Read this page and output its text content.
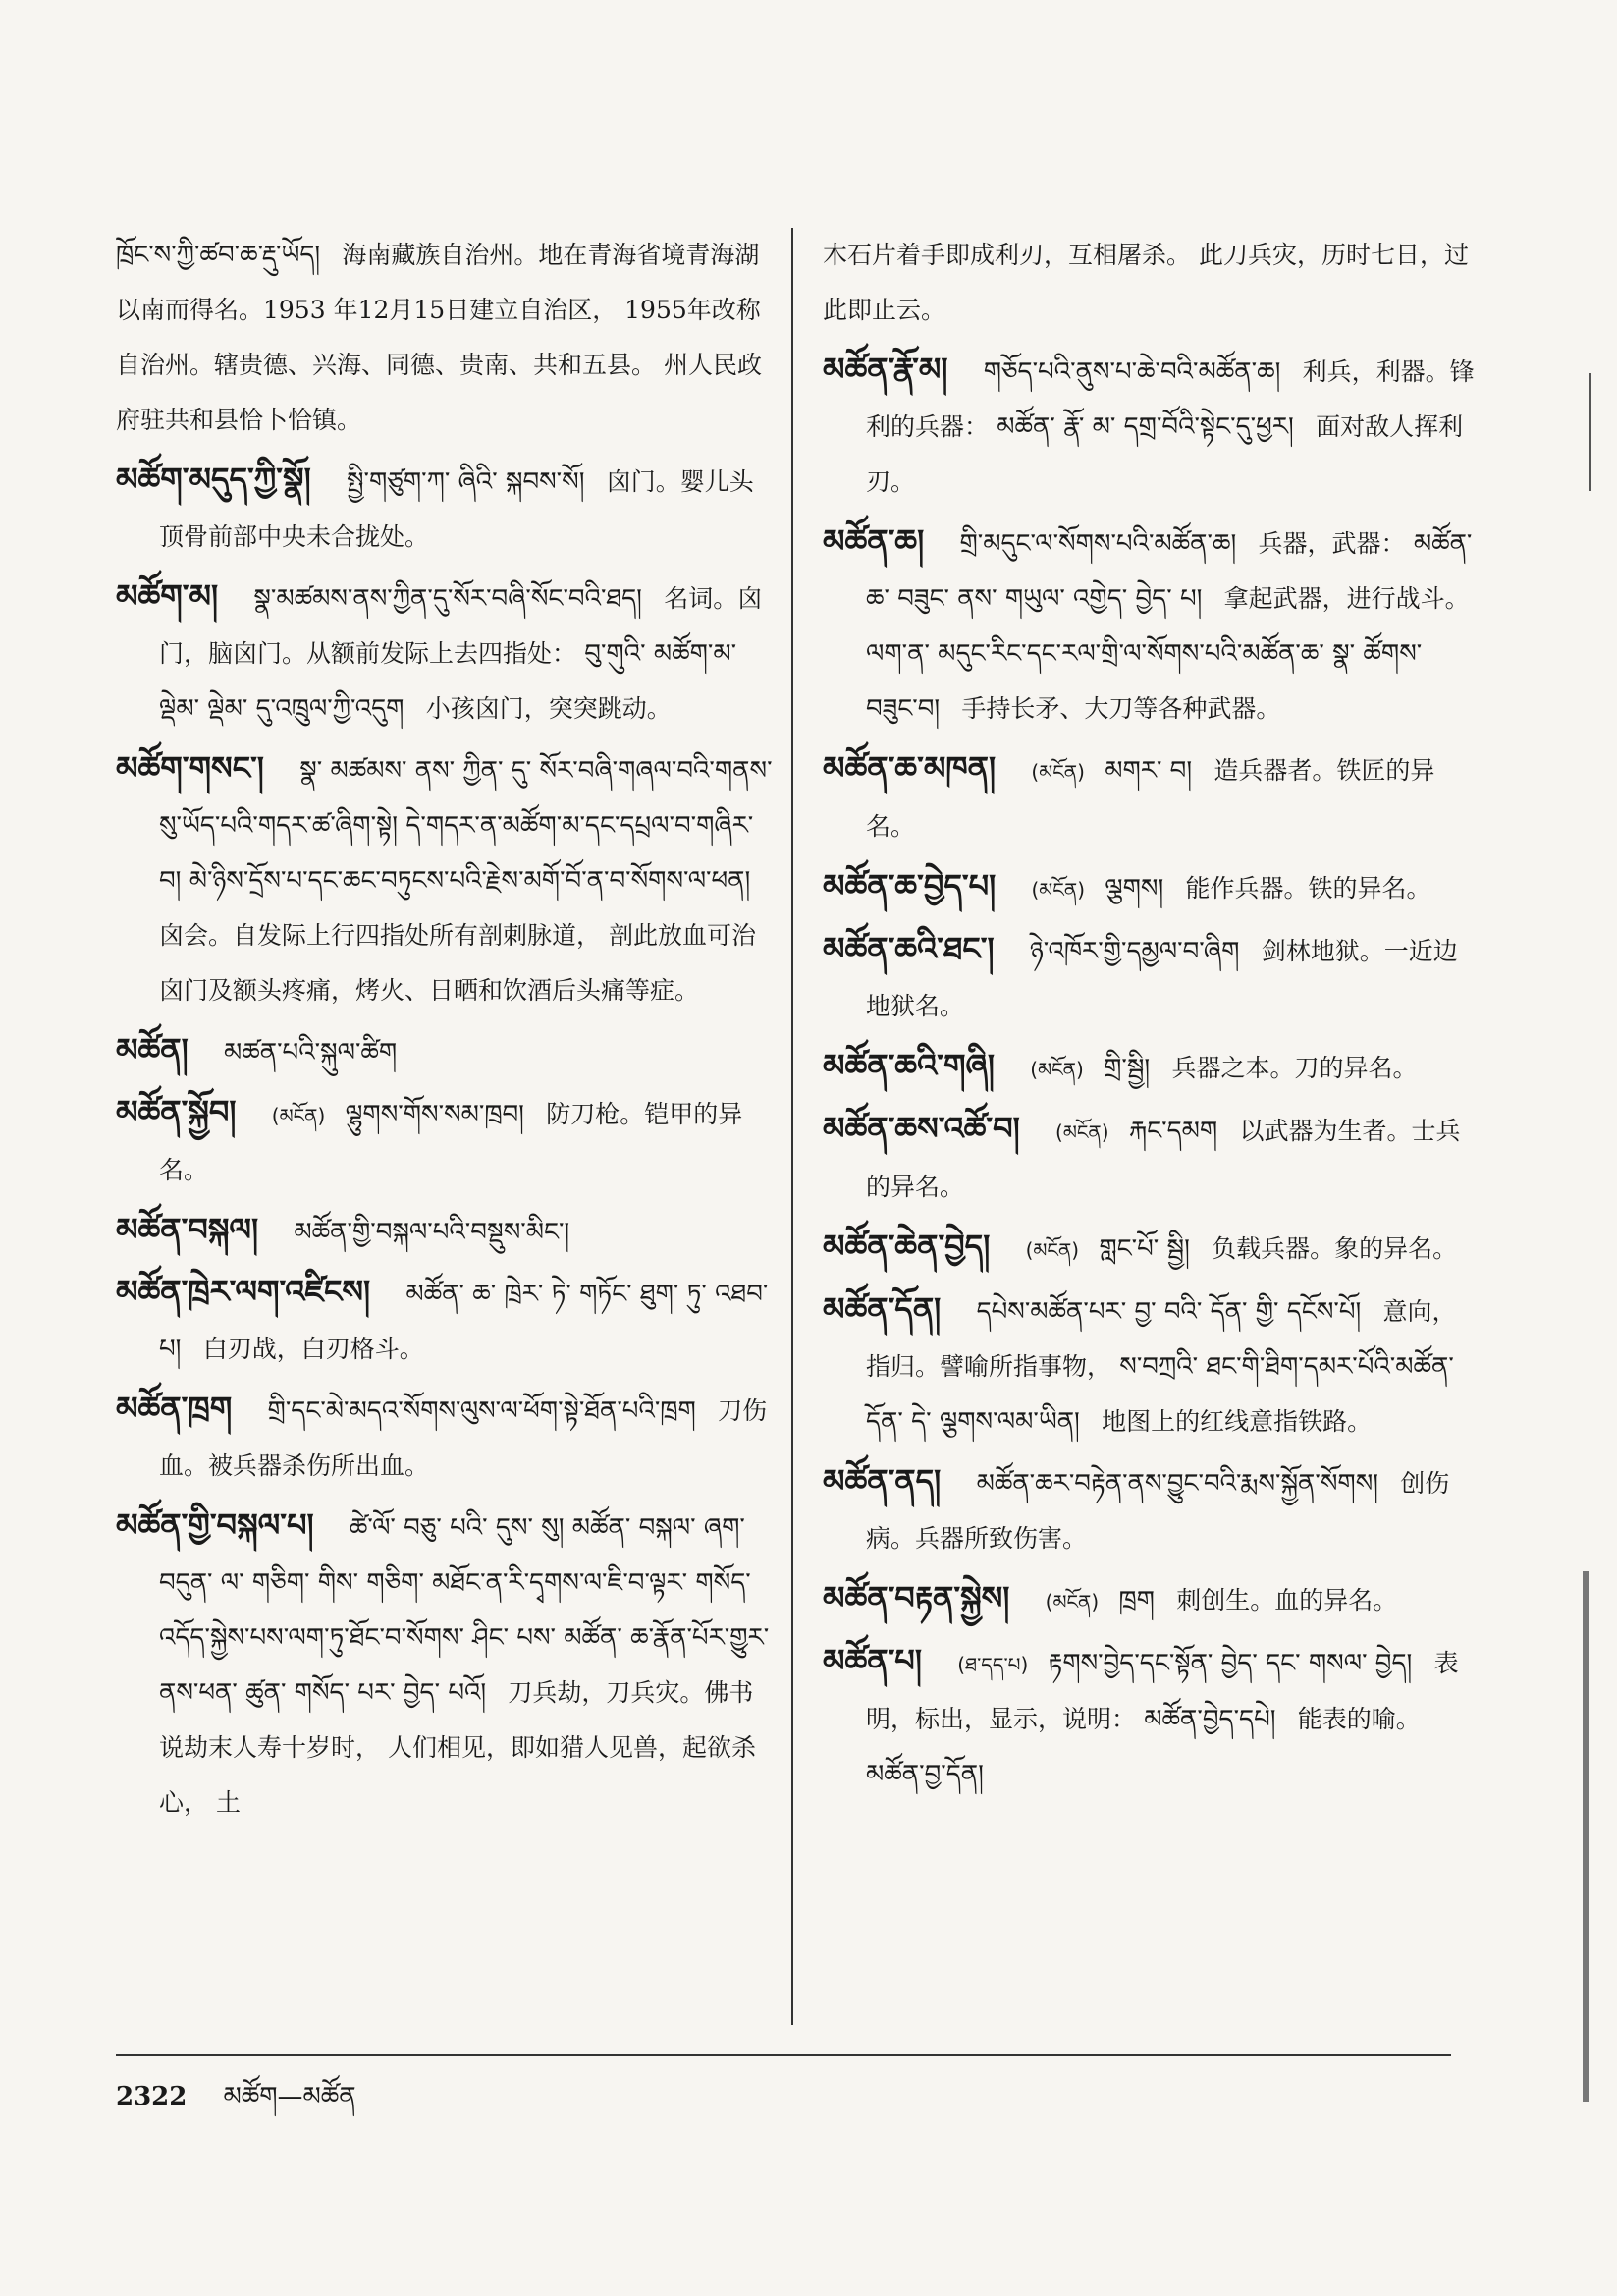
ཁྲོང་ས་ཀྱི་ཚབ་ཆ་རྡུ་ཡོད། 海南藏族自治州。地在青海省境青海湖以南而得名。1953 年12月15日建立自治区， 1955年改称自治州。辖贵德、兴海、同德、贵南、共和五县。 州人民政府驻共和县恰卜恰镇。
མཚོག་མདུད་ཀྱི་སྣོ། སྤྱི་གཙུག་ཀ་ ཞིའི་ སྐབས་སོ། 囟门。婴儿头顶骨前部中央未合拢处。
མཚོག་མ། སྣ་མཚམས་ནས་ཀྱིན་དུ་སོར་བཞི་སོང་བའི་ཐད། 名词。囟门，脑囟门。从额前发际上去四指处： བུ་གུའི་ མཚོག་མ་ ལྡེམ་ ལྡེམ་ དུ་འཁྲུལ་ཀྱི་འདུག 小孩囟门，突突跳动。
མཚོག་གསང་། སྣ་ མཚམས་ ནས་ ཀྱིན་ དུ་ སོར་བཞི་གཞལ་བའི་གནས་སུ་ཡོད་པའི་གདར་ཚ་ཞིག་སྟེ། དེ་གདར་ན་མཚོག་མ་དང་དཔྲལ་བ་གཞིར་བ། མེ་ཉིས་དྲོས་པ་དང་ཆང་བཏུངས་པའི་རྗེས་མགོ་བོ་ན་བ་སོགས་ལ་ཕན། 囟会。自发际上行四指处所有剖刺脉道， 剖此放血可治囟门及额头疼痛，烤火、日晒和饮酒后头痛等症。
མཚོན། མཚན་པའི་སྐུལ་ཚིག
མཚོན་སྐྱོབ། (མངོན) ལྷུགས་གོས་སམ་ཁྲབ། 防刀枪。铠甲的异名。
མཚོན་བསྐལ། མཚོན་གྱི་བསྐལ་པའི་བསྡུས་མིང་།
མཚོན་ཁྲེར་ལག་འཛིངས། མཚོན་ ཆ་ ཁྲེར་ ཏེ་ གཏོང་ ཐུག་ ཏུ་ འཐབ་ པ། 白刃战，白刃格斗。
མཚོན་ཁྲག གྲི་དང་མེ་མདའ་སོགས་ལུས་ལ་ཕོག་སྟེ་ཐོན་པའི་ཁྲག 刀伤血。被兵器杀伤所出血。
མཚོན་གྱི་བསྐལ་པ། ཚེ་ལོ་ བཅུ་ པའི་ དུས་ སུ། མཚོན་ བསྐལ་ ཞག་ བདུན་ ལ་ གཅིག་ གིས་ གཅིག་ མཐོང་ན་རི་དྭགས་ལ་ཇི་བ་ལྟར་ གསོད་ འདོད་སྐྱེས་པས་ལག་ཏུ་ཐོང་བ་སོགས་ ཤིང་ པས་ མཚོན་ ཆ་རྣོན་པོར་གྱུར་ནས་ཕན་ ཚུན་ གསོད་ པར་ བྱེད་ པའོ། 刀兵劫，刀兵灾。佛书说劫末人寿十岁时， 人们相见，即如猎人见兽，起欲杀心， 土
木石片着手即成利刃，互相屠杀。 此刀兵灾，历时七日，过此即止云。
མཚོན་རྣོ་མ། གཅོད་པའི་ནུས་པ་ཆེ་བའི་མཚོན་ཆ། 利兵，利器。锋利的兵器： མཚོན་ རྣོ་ མ་ དགྲ་བོའི་སྟེང་དུ་ཕྱར། 面对敌人挥利刃。
མཚོན་ཆ། གྲི་མདུང་ལ་སོགས་པའི་མཚོན་ཆ། 兵器，武器： མཚོན་ ཆ་ བཟུང་ ནས་ གཡུལ་ འགྱེད་ བྱེད་ པ། 拿起武器，进行战斗。 ལག་ན་ མདུང་རིང་དང་རལ་གྲི་ལ་སོགས་པའི་མཚོན་ཆ་ སྣ་ ཚོགས་ བཟུང་བ། 手持长矛、大刀等各种武器。
མཚོན་ཆ་མཁན། (མངོན) མགར་ བ། 造兵器者。铁匠的异名。
མཚོན་ཆ་བྱེད་པ། (མངོན) ལྕགས། 能作兵器。铁的异名。
མཚོན་ཆའི་ཐང་། ཉེ་འཁོར་གྱི་དམྱལ་བ་ཞིག 剑林地狱。一近边地狱名。
མཚོན་ཆའི་གཞི། (མངོན) གྲི་སྦྱི། 兵器之本。刀的异名。
མཚོན་ཆས་འཚོ་བ། (མངོན) རྐང་དམག 以武器为生者。士兵的异名。
མཚོན་ཆེན་བྱེད། (མངོན) གླང་པོ་ སྦྱི། 负载兵器。象的异名。
མཚོན་དོན། དཔེས་མཚོན་པར་ བྱ་ བའི་ དོན་ གྱི་ དངོས་པོ། 意向，指归。譬喻所指事物， ས་བཀྲའི་ ཐང་གི་ཐིག་དམར་པོའི་མཚོན་དོན་ དེ་ ལྕགས་ལམ་ཡིན། 地图上的红线意指铁路。
མཚོན་ནད། མཚོན་ཆར་བརྟེན་ནས་བྱུང་བའི་རྨས་སྐྱོན་སོགས། 创伤病。兵器所致伤害。
མཚོན་བརྟན་སྐྱེས། (མངོན) ཁྲག 刺创生。血的异名。
མཚོན་པ། (ཐ་དད་པ) རྟགས་བྱེད་དང་སྟོན་ བྱེད་ དང་ གསལ་ བྱེད། 表明，标出，显示，说明： མཚོན་བྱེད་དཔེ། 能表的喻。 མཚོན་བྱ་དོན།
2322 མཚོག—མཚོན
